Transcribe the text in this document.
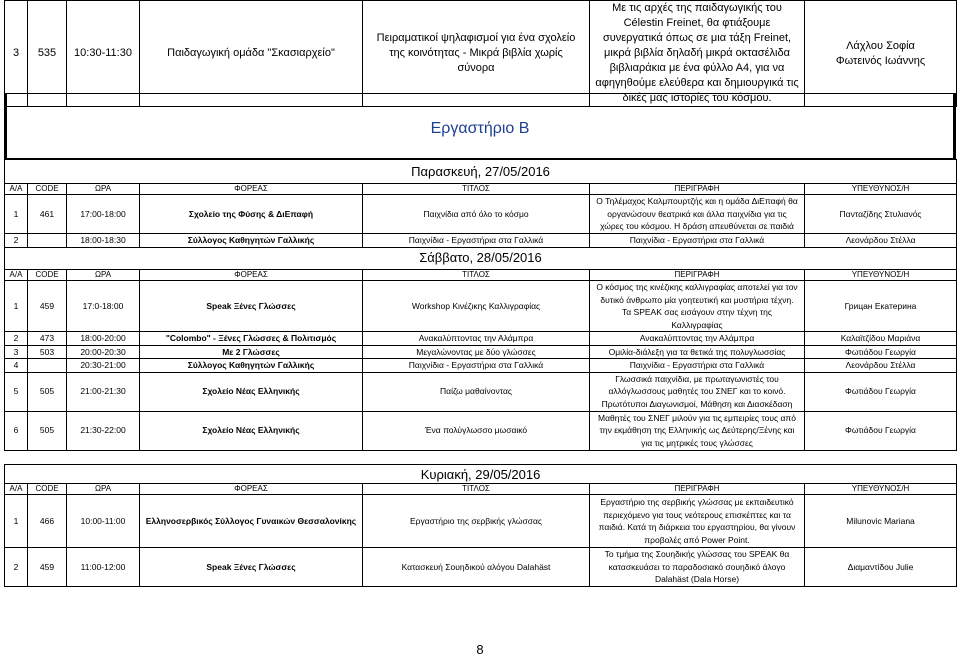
3	535	10:30-11:30	Παιδαγωγική ομάδα "Σκασιαρχείο"	Πειραματικοί ψηλαφισμοί για ένα σχολείο της κοινότητας - Μικρά βιβλία χωρίς σύνορα	Με τις αρχές της παιδαγωγικής του Célestin Freinet, θα φτιάξουμε συνεργατικά όπως σε μια τάξη Freinet, μικρά βιβλία δηλαδή μικρά οκτασέλιδα βιβλιαράκια με ένα φύλλο Α4, για να αφηγηθούμε ελεύθερα και δημιουργικά τις δικές μας ιστορίες του κόσμου.	Λάχλου Σοφία Φωτεινός Ιωάννης
Εργαστήριο Β
Παρασκευή, 27/05/2016						
Α/Α	CODE	ΩΡΑ	ΦΟΡΕΑΣ	ΤΙΤΛΟΣ	ΠΕΡΙΓΡΑΦΗ	ΥΠΕΥΘΥΝΟΣ/Η
1	461	17:00-18:00	Σχολείο της Φύσης & ΔιΕπαφή	Παιχνίδια από όλο το κόσμο	Ο Τηλέμαχος Καλμπουρτζής και η ομάδα ΔιΕπαφή θα οργανώσουν θεατρικά και άλλα παιχνίδια για τις χώρες του κόσμου. Η δράση απευθύνεται σε παιδιά	Πανταζίδης Στυλιανός
2		18:00-18:30	Σύλλογος Καθηγητών Γαλλικής	Παιχνίδια - Εργαστήρια στα Γαλλικά	Παιχνίδια - Εργαστήρια στα Γαλλικά	Λεονάρδου Στέλλα
Σάββατο, 28/05/2016						
Α/Α	CODE	ΩΡΑ	ΦΟΡΕΑΣ	ΤΙΤΛΟΣ	ΠΕΡΙΓΡΑΦΗ	ΥΠΕΥΘΥΝΟΣ/Η
1	459	17:0-18:00	Speak Ξένες Γλώσσες	Workshop Κινέζικης Καλλιγραφίας	Ο κόσμος της κινέζικης καλλιγραφίας αποτελεί για τον δυτικό άνθρωπο μία γοητευτική και μυστήρια τέχνη. Τα SPEAK σας εισάγουν στην τέχνη της Καλλιγραφίας	Грицан Екатерина
2	473	18:00-20:00	"Colombo" - Ξένες Γλώσσες & Πολιτισμός	Ανακαλύπτοντας την Αλάμπρα	Ανακαλύπτοντας την Αλάμπρα	Καλαϊτζίδου Μαριάνα
3	503	20:00-20:30	Με 2 Γλώσσες	Μεγαλώνοντας με δύο γλώσσες	Ομιλία-διάλεξη για τα θετικά της πολυγλωσσίας	Φωτιάδου Γεωργία
4		20:30-21:00	Σύλλογος Καθηγητών Γαλλικής	Παιχνίδια - Εργαστήρια στα Γαλλικά	Παιχνίδια - Εργαστήρια στα Γαλλικά	Λεονάρδου Στέλλα
5	505	21:00-21:30	Σχολείο Νέας Ελληνικής	Παίζω μαθαίνοντας	Γλωσσικά παιχνίδια, με πρωταγωνιστές του αλλόγλωσσους μαθητές του ΣΝΕΓ και το κοινό. Πρωτότυποι Διαγωνισμοί, Μάθηση και Διασκέδαση	Φωτιάδου Γεωργία
6	505	21:30-22:00	Σχολείο Νέας Ελληνικής	Ένα πολύγλωσσο μωσαικό	Μαθητές του ΣΝΕΓ μιλούν για τις εμπειρίες τους από την εκμάθηση της Ελληνικής ως Δεύτερης/Ξένης και για τις μητρικές τους γλώσσες	Φωτιάδου Γεωργία
Κυριακή, 29/05/2016						
Α/Α	CODE	ΩΡΑ	ΦΟΡΕΑΣ	ΤΙΤΛΟΣ	ΠΕΡΙΓΡΑΦΗ	ΥΠΕΥΘΥΝΟΣ/Η
1	466	10:00-11:00	Ελληνοσερβικός Σύλλογος Γυναικών Θεσσαλονίκης	Εργαστήριο της σερβικής γλώσσας	Εργαστήριο της σερβικής γλώσσας με εκπαιδευτικό περιεχόμενο για τους νεότερους επισκέπτες και τα παιδιά. Κατά τη διάρκεια του εργαστηρίου, θα γίνουν προβολές από Power Point.	Milunovic Mariana
2	459	11:00-12:00	Speak Ξένες Γλώσσες	Κατασκευή Σουηδικού αλόγου Dalahäst	Το τμήμα της Σουηδικής γλώσσας του SPEAK θα κατασκευάσει το παραδοσιακό σουηδικό άλογο Dalahäst (Dala Horse)	Διαμαντίδου Julie
8
